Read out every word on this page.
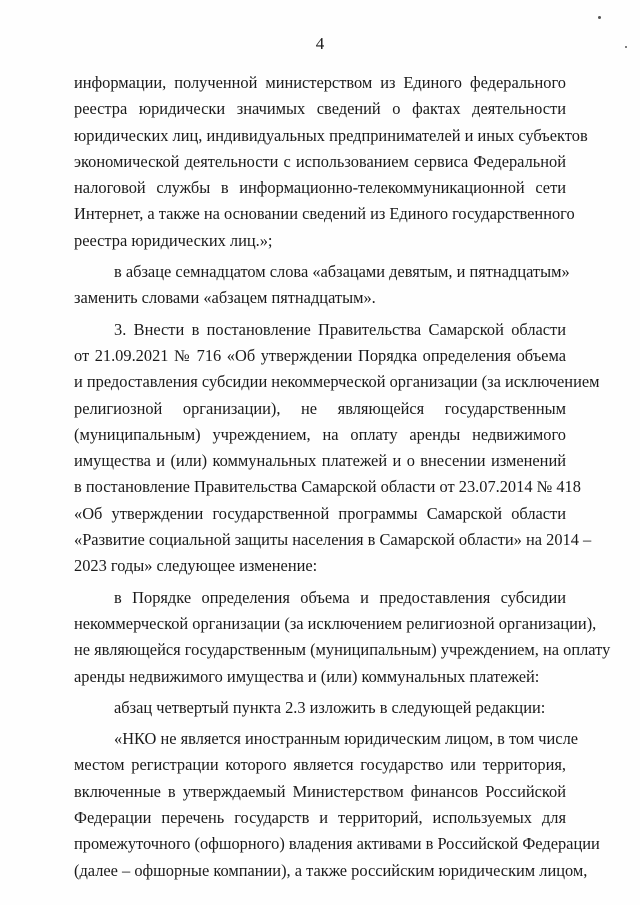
4
информации, полученной министерством из Единого федерального
реестра юридически значимых сведений о фактах деятельности
юридических лиц, индивидуальных предпринимателей и иных субъектов
экономической деятельности с использованием сервиса Федеральной
налоговой службы в информационно-телекоммуникационной сети
Интернет, а также на основании сведений из Единого государственного
реестра юридических лиц.»;
в абзаце семнадцатом слова «абзацами девятым, и пятнадцатым»
заменить словами «абзацем пятнадцатым».
3. Внести в постановление Правительства Самарской области
от 21.09.2021 № 716 «Об утверждении Порядка определения объема
и предоставления субсидии некоммерческой организации (за исключением
религиозной организации), не являющейся государственным
(муниципальным) учреждением, на оплату аренды недвижимого
имущества и (или) коммунальных платежей и о внесении изменений
в постановление Правительства Самарской области от 23.07.2014 № 418
«Об утверждении государственной программы Самарской области
«Развитие социальной защиты населения в Самарской области» на 2014 –
2023 годы» следующее изменение:
в Порядке определения объема и предоставления субсидии
некоммерческой организации (за исключением религиозной организации),
не являющейся государственным (муниципальным) учреждением, на оплату
аренды недвижимого имущества и (или) коммунальных платежей:
абзац четвертый пункта 2.3 изложить в следующей редакции:
«НКО не является иностранным юридическим лицом, в том числе
местом регистрации которого является государство или территория,
включенные в утверждаемый Министерством финансов Российской
Федерации перечень государств и территорий, используемых для
промежуточного (офшорного) владения активами в Российской Федерации
(далее – офшорные компании), а также российским юридическим лицом,
